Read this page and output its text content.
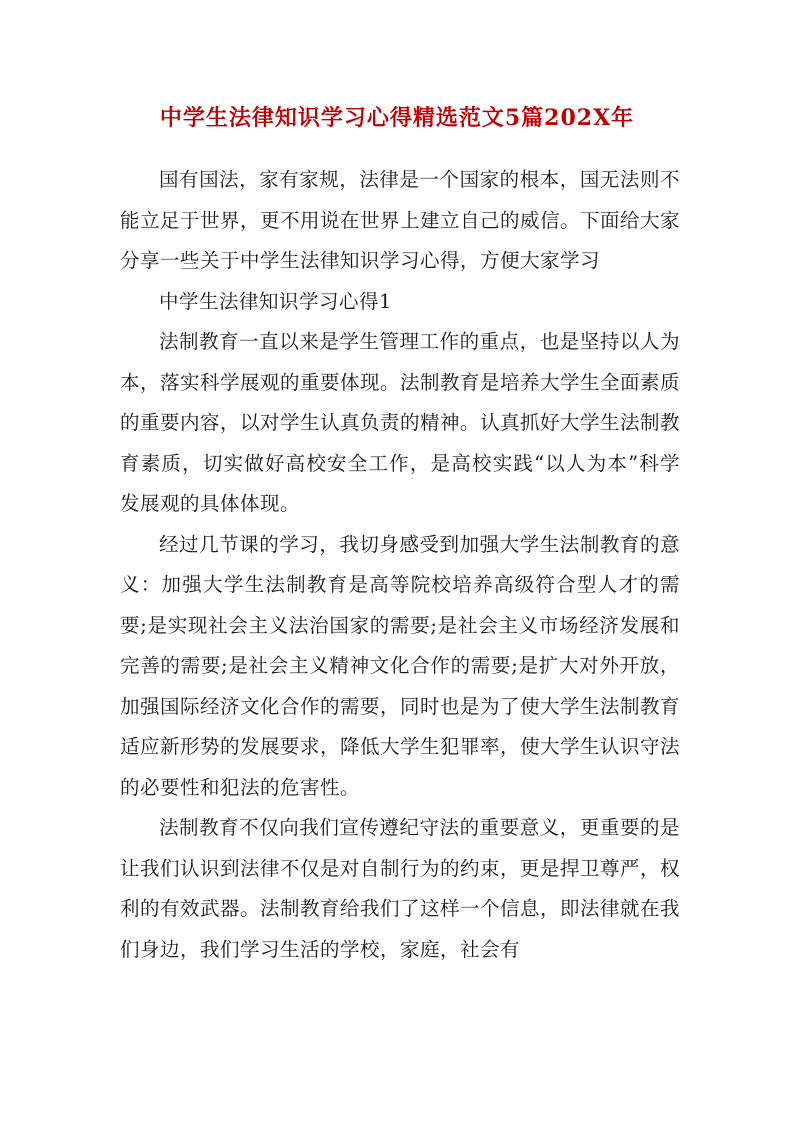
中学生法律知识学习心得精选范文5篇202X年

国有国法，家有家规，法律是一个国家的根本，国无法则不能立足于世界，更不用说在世界上建立自己的威信。下面给大家分享一些关于中学生法律知识学习心得，方便大家学习

中学生法律知识学习心得1

法制教育一直以来是学生管理工作的重点，也是坚持以人为本，落实科学展观的重要体现。法制教育是培养大学生全面素质的重要内容，以对学生认真负责的精神。认真抓好大学生法制教育素质，切实做好高校安全工作，是高校实践“以人为本”科学发展观的具体体现。

经过几节课的学习，我切身感受到加强大学生法制教育的意义：加强大学生法制教育是高等院校培养高级符合型人才的需要;是实现社会主义法治国家的需要;是社会主义市场经济发展和完善的需要;是社会主义精神文化合作的需要;是扩大对外开放，加强国际经济文化合作的需要，同时也是为了使大学生法制教育适应新形势的发展要求，降低大学生犯罪率，使大学生认识守法的必要性和犯法的危害性。

法制教育不仅向我们宣传遵纪守法的重要意义，更重要的是让我们认识到法律不仅是对自制行为的约束，更是捍卫尊严，权利的有效武器。法制教育给我们了这样一个信息，即法律就在我们身边，我们学习生活的学校，家庭，社会有
